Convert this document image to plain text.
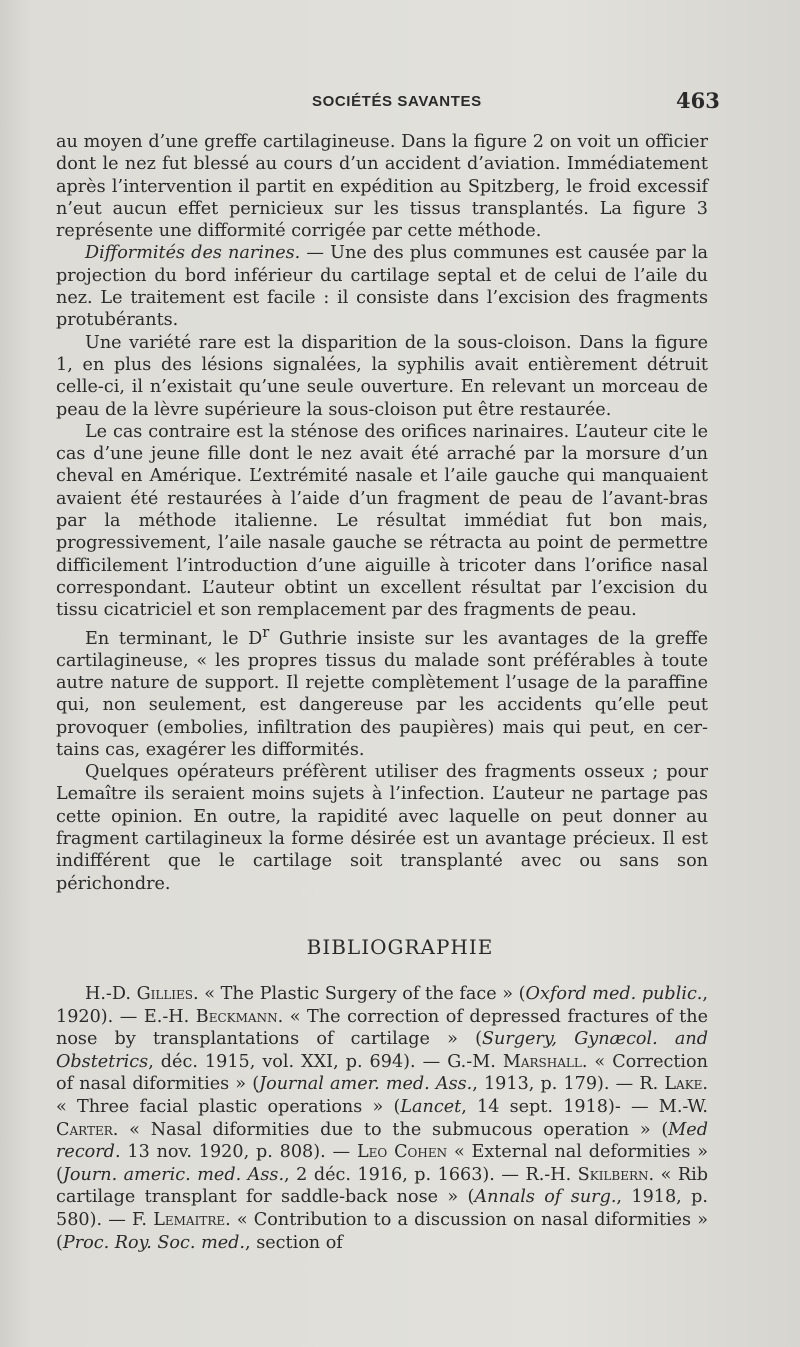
SOCIÉTÉS SAVANTES	463

au moyen d’une greffe cartilagineuse. Dans la figure 2 on voit un officier dont le nez fut blessé au cours d’un accident d’aviation. Immédiatement après l’intervention il partit en expédition au Spitzberg, le froid excessif n’eut aucun effet pernicieux sur les tissus transplantés. La figure 3 représente une difformité corrigée par cette méthode.

Difformités des narines. — Une des plus communes est causée par la projection du bord inférieur du cartilage septal et de celui de l’aile du nez. Le traitement est facile : il consiste dans l’excision des fragments protubérants.

Une variété rare est la disparition de la sous-cloison. Dans la figure 1, en plus des lésions signalées, la syphilis avait entièrement détruit celle-ci, il n’existait qu’une seule ouverture. En relevant un morceau de peau de la lèvre supérieure la sous-cloison put être restaurée.

Le cas contraire est la sténose des orifices narinaires. L’auteur cite le cas d’une jeune fille dont le nez avait été arraché par la morsure d’un cheval en Amérique. L’extrémité nasale et l’aile gauche qui manquaient avaient été restaurées à l’aide d’un fragment de peau de l’avant-bras par la méthode italienne. Le résultat immédiat fut bon mais, progressivement, l’aile nasale gauche se rétracta au point de permettre difficilement l’introduction d’une aiguille à tricoter dans l’orifice nasal correspondant. L’auteur obtint un excellent résultat par l’excision du tissu cicatriciel et son remplacement par des fragments de peau.

En terminant, le $D^r$ Guthrie insiste sur les avantages de la greffe cartilagineuse, « les propres tissus du malade sont préférables à toute autre nature de support. Il rejette complètement l’usage de la paraffine qui, non seulement, est dangereuse par les accidents qu’elle peut provoquer (embolies, infiltration des paupières) mais qui peut, en certains cas, exagérer les difformités.

Quelques opérateurs préfèrent utiliser des fragments osseux ; pour Lemaître ils seraient moins sujets à l’infection. L’auteur ne partage pas cette opinion. En outre, la rapidité avec laquelle on peut donner au fragment cartilagineux la forme désirée est un avantage précieux. Il est indifférent que le cartilage soit transplanté avec ou sans son périchondre.

BIBLIOGRAPHIE

H.-D. Gillies. « The Plastic Surgery of the face » (Oxford med. public., 1920). — E.-H. Beckmann. « The correction of depressed fractures of the nose by transplantations of cartilage » (Surgery, Gynæcol. and Obstetrics, déc. 1915, vol. XXI, p. 694). — G.-M. Marshall. « Correction of nasal diformities » (Journal amer. med. Ass., 1913, p. 179). — R. Lake. « Three facial plastic operations » (Lancet, 14 sept. 1918)- — M.-W. Carter. « Nasal diformities due to the submucous operation » (Med record. 13 nov. 1920, p. 808). — Leo Cohen « External nal deformities » (Journ. americ. med. Ass., 2 déc. 1916, p. 1663). — R.-H. Skilbern. « Rib cartilage transplant for saddle-back nose » (Annals of surg., 1918, p. 580). — F. Lemaitre. « Contribution to a discussion on nasal diformities » (Proc. Roy. Soc. med., section of
